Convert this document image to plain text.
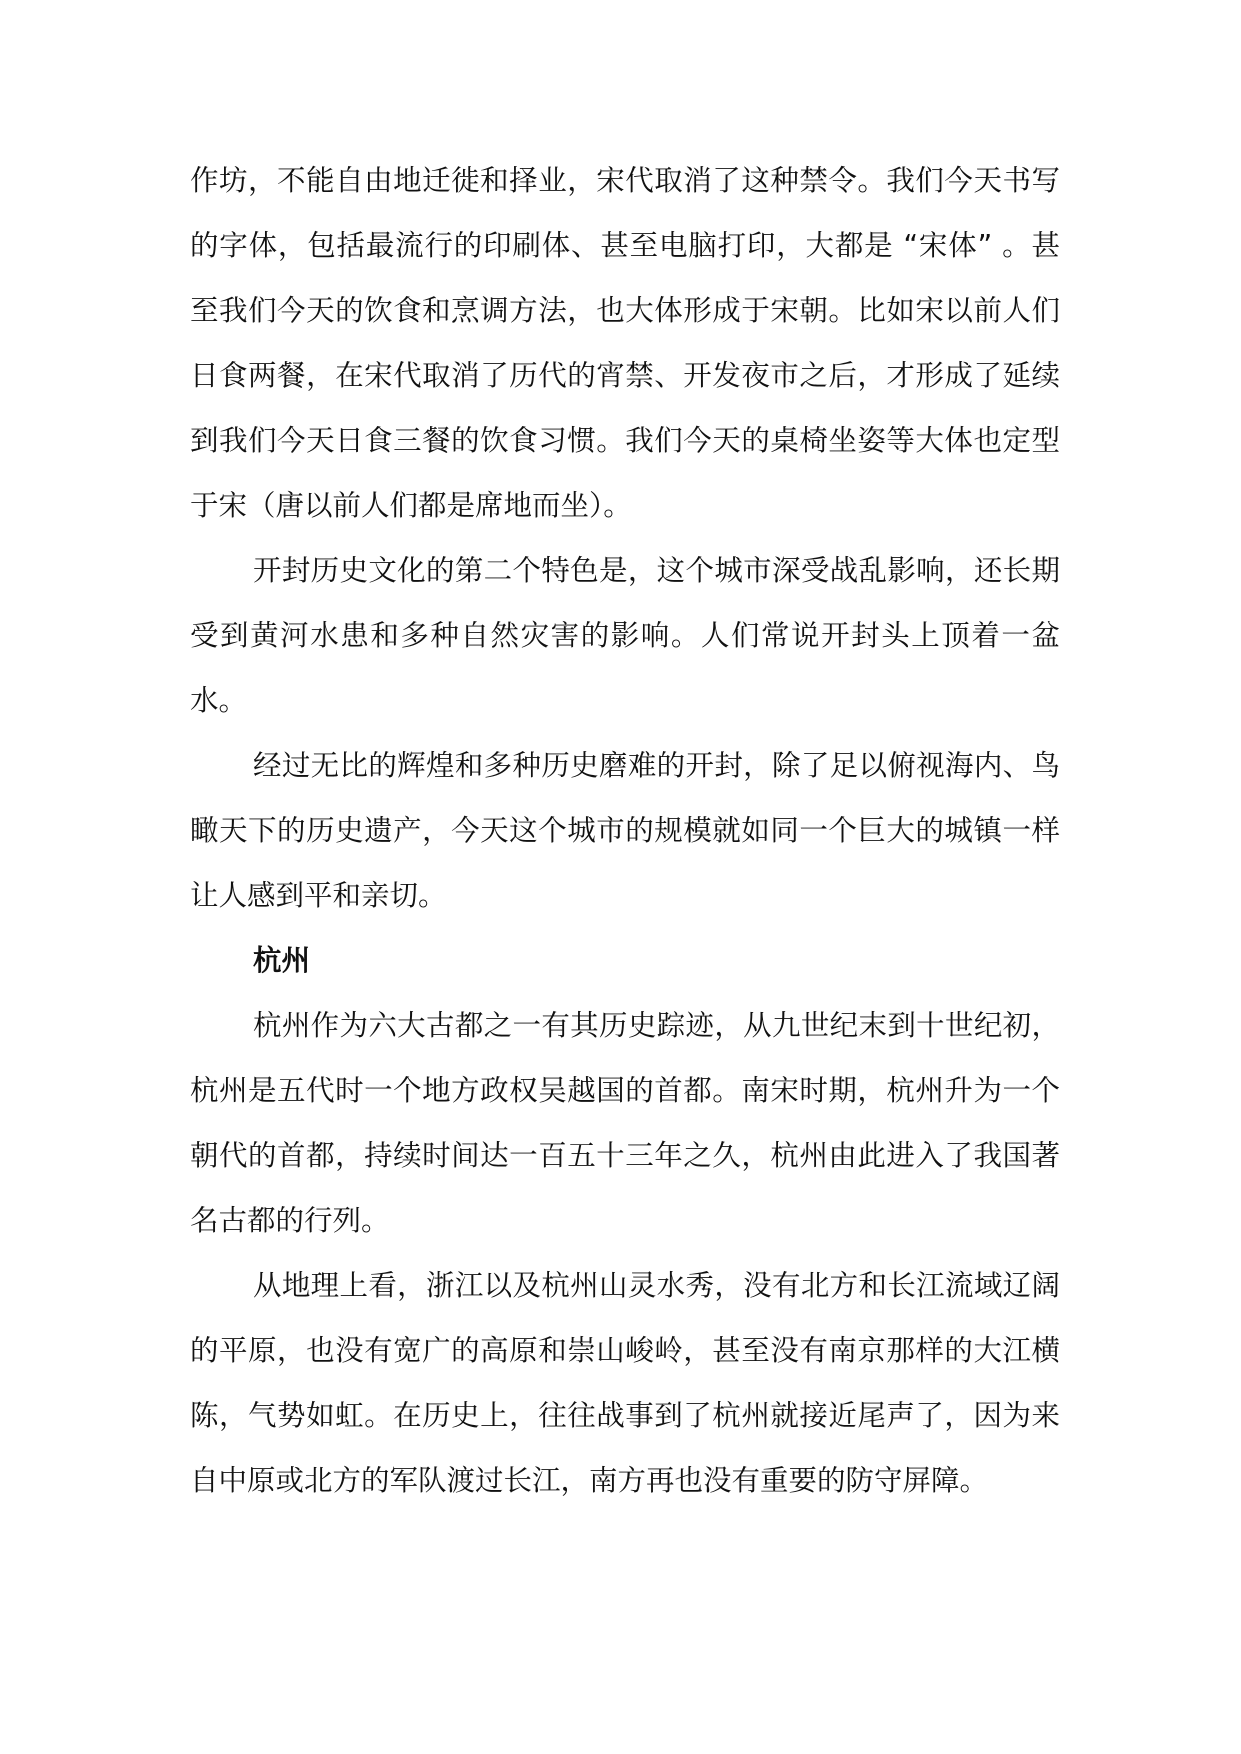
作坊，不能自由地迁徙和择业，宋代取消了这种禁令。我们今天书写的字体，包括最流行的印刷体、甚至电脑打印，大都是 “宋体” 。甚至我们今天的饮食和烹调方法，也大体形成于宋朝。比如宋以前人们日食两餐，在宋代取消了历代的宵禁、开发夜市之后，才形成了延续到我们今天日食三餐的饮食习惯。我们今天的桌椅坐姿等大体也定型于宋（唐以前人们都是席地而坐）。

开封历史文化的第二个特色是，这个城市深受战乱影响，还长期受到黄河水患和多种自然灾害的影响。人们常说开封头上顶着一盆水。

经过无比的辉煌和多种历史磨难的开封，除了足以俯视海内、鸟瞰天下的历史遗产，今天这个城市的规模就如同一个巨大的城镇一样让人感到平和亲切。

杭州

杭州作为六大古都之一有其历史踪迹，从九世纪末到十世纪初，杭州是五代时一个地方政权吴越国的首都。南宋时期，杭州升为一个朝代的首都，持续时间达一百五十三年之久，杭州由此进入了我国著名古都的行列。

从地理上看，浙江以及杭州山灵水秀，没有北方和长江流域辽阔的平原，也没有宽广的高原和崇山峻岭，甚至没有南京那样的大江横陈，气势如虹。在历史上，往往战事到了杭州就接近尾声了，因为来自中原或北方的军队渡过长江，南方再也没有重要的防守屏障。
